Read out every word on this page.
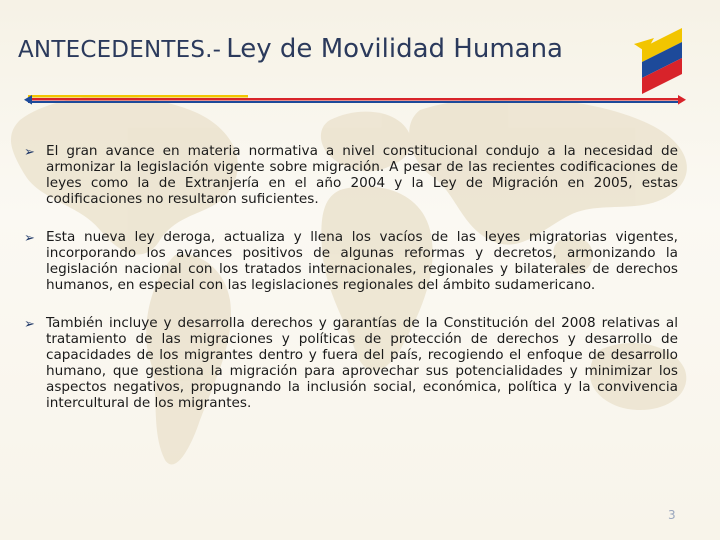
ANTECEDENTES.- Ley de Movilidad Humana
➢ El gran avance en materia normativa a nivel constitucional condujo a la necesidad de armonizar la legislación vigente sobre migración. A pesar de las recientes codificaciones de leyes como la de Extranjería en el año 2004 y la Ley de Migración en 2005, estas codificaciones no resultaron suficientes.

➢ Esta nueva ley deroga, actualiza y llena los vacíos de las leyes migratorias vigentes, incorporando los avances positivos de algunas reformas y decretos, armonizando la legislación nacional con los tratados internacionales, regionales y bilaterales de derechos humanos, en especial con las legislaciones regionales del ámbito sudamericano.

➢ También incluye y desarrolla derechos y garantías de la Constitución del 2008 relativas al tratamiento de las migraciones y políticas de protección de derechos y desarrollo de capacidades de los migrantes dentro y fuera del país, recogiendo el enfoque de desarrollo humano, que gestiona la migración para aprovechar sus potencialidades y minimizar los aspectos negativos, propugnando la inclusión social, económica, política y la convivencia intercultural de los migrantes.

3
